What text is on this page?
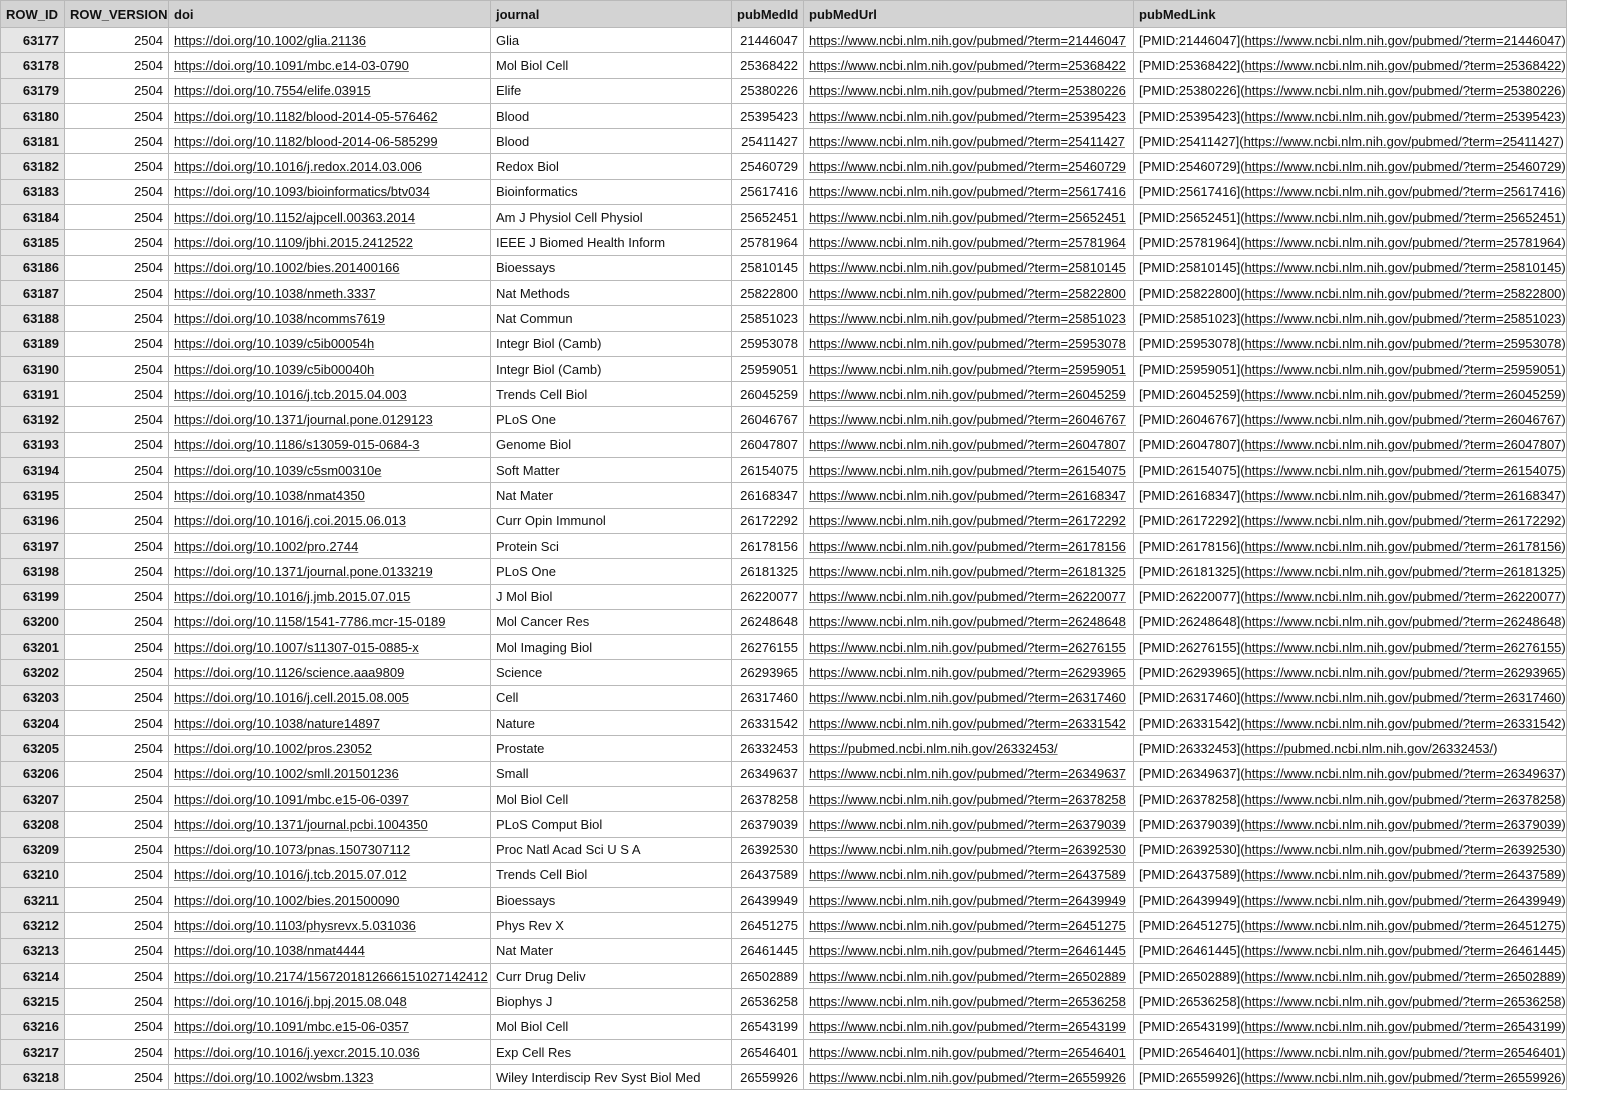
ROW_ID	ROW_VERSION	doi	journal	pubMedId	pubMedUrl	pubMedLink
63177	2504	https://doi.org/10.1002/glia.21136	Glia	21446047	https://www.ncbi.nlm.nih.gov/pubmed/?term=21446047	[PMID:21446047](https://www.ncbi.nlm.nih.gov/pubmed/?term=21446047)
63178	2504	https://doi.org/10.1091/mbc.e14-03-0790	Mol Biol Cell	25368422	https://www.ncbi.nlm.nih.gov/pubmed/?term=25368422	[PMID:25368422](https://www.ncbi.nlm.nih.gov/pubmed/?term=25368422)
63179	2504	https://doi.org/10.7554/elife.03915	Elife	25380226	https://www.ncbi.nlm.nih.gov/pubmed/?term=25380226	[PMID:25380226](https://www.ncbi.nlm.nih.gov/pubmed/?term=25380226)
63180	2504	https://doi.org/10.1182/blood-2014-05-576462	Blood	25395423	https://www.ncbi.nlm.nih.gov/pubmed/?term=25395423	[PMID:25395423](https://www.ncbi.nlm.nih.gov/pubmed/?term=25395423)
63181	2504	https://doi.org/10.1182/blood-2014-06-585299	Blood	25411427	https://www.ncbi.nlm.nih.gov/pubmed/?term=25411427	[PMID:25411427](https://www.ncbi.nlm.nih.gov/pubmed/?term=25411427)
63182	2504	https://doi.org/10.1016/j.redox.2014.03.006	Redox Biol	25460729	https://www.ncbi.nlm.nih.gov/pubmed/?term=25460729	[PMID:25460729](https://www.ncbi.nlm.nih.gov/pubmed/?term=25460729)
63183	2504	https://doi.org/10.1093/bioinformatics/btv034	Bioinformatics	25617416	https://www.ncbi.nlm.nih.gov/pubmed/?term=25617416	[PMID:25617416](https://www.ncbi.nlm.nih.gov/pubmed/?term=25617416)
63184	2504	https://doi.org/10.1152/ajpcell.00363.2014	Am J Physiol Cell Physiol	25652451	https://www.ncbi.nlm.nih.gov/pubmed/?term=25652451	[PMID:25652451](https://www.ncbi.nlm.nih.gov/pubmed/?term=25652451)
63185	2504	https://doi.org/10.1109/jbhi.2015.2412522	IEEE J Biomed Health Inform	25781964	https://www.ncbi.nlm.nih.gov/pubmed/?term=25781964	[PMID:25781964](https://www.ncbi.nlm.nih.gov/pubmed/?term=25781964)
63186	2504	https://doi.org/10.1002/bies.201400166	Bioessays	25810145	https://www.ncbi.nlm.nih.gov/pubmed/?term=25810145	[PMID:25810145](https://www.ncbi.nlm.nih.gov/pubmed/?term=25810145)
63187	2504	https://doi.org/10.1038/nmeth.3337	Nat Methods	25822800	https://www.ncbi.nlm.nih.gov/pubmed/?term=25822800	[PMID:25822800](https://www.ncbi.nlm.nih.gov/pubmed/?term=25822800)
63188	2504	https://doi.org/10.1038/ncomms7619	Nat Commun	25851023	https://www.ncbi.nlm.nih.gov/pubmed/?term=25851023	[PMID:25851023](https://www.ncbi.nlm.nih.gov/pubmed/?term=25851023)
63189	2504	https://doi.org/10.1039/c5ib00054h	Integr Biol (Camb)	25953078	https://www.ncbi.nlm.nih.gov/pubmed/?term=25953078	[PMID:25953078](https://www.ncbi.nlm.nih.gov/pubmed/?term=25953078)
63190	2504	https://doi.org/10.1039/c5ib00040h	Integr Biol (Camb)	25959051	https://www.ncbi.nlm.nih.gov/pubmed/?term=25959051	[PMID:25959051](https://www.ncbi.nlm.nih.gov/pubmed/?term=25959051)
63191	2504	https://doi.org/10.1016/j.tcb.2015.04.003	Trends Cell Biol	26045259	https://www.ncbi.nlm.nih.gov/pubmed/?term=26045259	[PMID:26045259](https://www.ncbi.nlm.nih.gov/pubmed/?term=26045259)
63192	2504	https://doi.org/10.1371/journal.pone.0129123	PLoS One	26046767	https://www.ncbi.nlm.nih.gov/pubmed/?term=26046767	[PMID:26046767](https://www.ncbi.nlm.nih.gov/pubmed/?term=26046767)
63193	2504	https://doi.org/10.1186/s13059-015-0684-3	Genome Biol	26047807	https://www.ncbi.nlm.nih.gov/pubmed/?term=26047807	[PMID:26047807](https://www.ncbi.nlm.nih.gov/pubmed/?term=26047807)
63194	2504	https://doi.org/10.1039/c5sm00310e	Soft Matter	26154075	https://www.ncbi.nlm.nih.gov/pubmed/?term=26154075	[PMID:26154075](https://www.ncbi.nlm.nih.gov/pubmed/?term=26154075)
63195	2504	https://doi.org/10.1038/nmat4350	Nat Mater	26168347	https://www.ncbi.nlm.nih.gov/pubmed/?term=26168347	[PMID:26168347](https://www.ncbi.nlm.nih.gov/pubmed/?term=26168347)
63196	2504	https://doi.org/10.1016/j.coi.2015.06.013	Curr Opin Immunol	26172292	https://www.ncbi.nlm.nih.gov/pubmed/?term=26172292	[PMID:26172292](https://www.ncbi.nlm.nih.gov/pubmed/?term=26172292)
63197	2504	https://doi.org/10.1002/pro.2744	Protein Sci	26178156	https://www.ncbi.nlm.nih.gov/pubmed/?term=26178156	[PMID:26178156](https://www.ncbi.nlm.nih.gov/pubmed/?term=26178156)
63198	2504	https://doi.org/10.1371/journal.pone.0133219	PLoS One	26181325	https://www.ncbi.nlm.nih.gov/pubmed/?term=26181325	[PMID:26181325](https://www.ncbi.nlm.nih.gov/pubmed/?term=26181325)
63199	2504	https://doi.org/10.1016/j.jmb.2015.07.015	J Mol Biol	26220077	https://www.ncbi.nlm.nih.gov/pubmed/?term=26220077	[PMID:26220077](https://www.ncbi.nlm.nih.gov/pubmed/?term=26220077)
63200	2504	https://doi.org/10.1158/1541-7786.mcr-15-0189	Mol Cancer Res	26248648	https://www.ncbi.nlm.nih.gov/pubmed/?term=26248648	[PMID:26248648](https://www.ncbi.nlm.nih.gov/pubmed/?term=26248648)
63201	2504	https://doi.org/10.1007/s11307-015-0885-x	Mol Imaging Biol	26276155	https://www.ncbi.nlm.nih.gov/pubmed/?term=26276155	[PMID:26276155](https://www.ncbi.nlm.nih.gov/pubmed/?term=26276155)
63202	2504	https://doi.org/10.1126/science.aaa9809	Science	26293965	https://www.ncbi.nlm.nih.gov/pubmed/?term=26293965	[PMID:26293965](https://www.ncbi.nlm.nih.gov/pubmed/?term=26293965)
63203	2504	https://doi.org/10.1016/j.cell.2015.08.005	Cell	26317460	https://www.ncbi.nlm.nih.gov/pubmed/?term=26317460	[PMID:26317460](https://www.ncbi.nlm.nih.gov/pubmed/?term=26317460)
63204	2504	https://doi.org/10.1038/nature14897	Nature	26331542	https://www.ncbi.nlm.nih.gov/pubmed/?term=26331542	[PMID:26331542](https://www.ncbi.nlm.nih.gov/pubmed/?term=26331542)
63205	2504	https://doi.org/10.1002/pros.23052	Prostate	26332453	https://pubmed.ncbi.nlm.nih.gov/26332453/	[PMID:26332453](https://pubmed.ncbi.nlm.nih.gov/26332453/)
63206	2504	https://doi.org/10.1002/smll.201501236	Small	26349637	https://www.ncbi.nlm.nih.gov/pubmed/?term=26349637	[PMID:26349637](https://www.ncbi.nlm.nih.gov/pubmed/?term=26349637)
63207	2504	https://doi.org/10.1091/mbc.e15-06-0397	Mol Biol Cell	26378258	https://www.ncbi.nlm.nih.gov/pubmed/?term=26378258	[PMID:26378258](https://www.ncbi.nlm.nih.gov/pubmed/?term=26378258)
63208	2504	https://doi.org/10.1371/journal.pcbi.1004350	PLoS Comput Biol	26379039	https://www.ncbi.nlm.nih.gov/pubmed/?term=26379039	[PMID:26379039](https://www.ncbi.nlm.nih.gov/pubmed/?term=26379039)
63209	2504	https://doi.org/10.1073/pnas.1507307112	Proc Natl Acad Sci U S A	26392530	https://www.ncbi.nlm.nih.gov/pubmed/?term=26392530	[PMID:26392530](https://www.ncbi.nlm.nih.gov/pubmed/?term=26392530)
63210	2504	https://doi.org/10.1016/j.tcb.2015.07.012	Trends Cell Biol	26437589	https://www.ncbi.nlm.nih.gov/pubmed/?term=26437589	[PMID:26437589](https://www.ncbi.nlm.nih.gov/pubmed/?term=26437589)
63211	2504	https://doi.org/10.1002/bies.201500090	Bioessays	26439949	https://www.ncbi.nlm.nih.gov/pubmed/?term=26439949	[PMID:26439949](https://www.ncbi.nlm.nih.gov/pubmed/?term=26439949)
63212	2504	https://doi.org/10.1103/physrevx.5.031036	Phys Rev X	26451275	https://www.ncbi.nlm.nih.gov/pubmed/?term=26451275	[PMID:26451275](https://www.ncbi.nlm.nih.gov/pubmed/?term=26451275)
63213	2504	https://doi.org/10.1038/nmat4444	Nat Mater	26461445	https://www.ncbi.nlm.nih.gov/pubmed/?term=26461445	[PMID:26461445](https://www.ncbi.nlm.nih.gov/pubmed/?term=26461445)
63214	2504	https://doi.org/10.2174/1567201812666151027142412	Curr Drug Deliv	26502889	https://www.ncbi.nlm.nih.gov/pubmed/?term=26502889	[PMID:26502889](https://www.ncbi.nlm.nih.gov/pubmed/?term=26502889)
63215	2504	https://doi.org/10.1016/j.bpj.2015.08.048	Biophys J	26536258	https://www.ncbi.nlm.nih.gov/pubmed/?term=26536258	[PMID:26536258](https://www.ncbi.nlm.nih.gov/pubmed/?term=26536258)
63216	2504	https://doi.org/10.1091/mbc.e15-06-0357	Mol Biol Cell	26543199	https://www.ncbi.nlm.nih.gov/pubmed/?term=26543199	[PMID:26543199](https://www.ncbi.nlm.nih.gov/pubmed/?term=26543199)
63217	2504	https://doi.org/10.1016/j.yexcr.2015.10.036	Exp Cell Res	26546401	https://www.ncbi.nlm.nih.gov/pubmed/?term=26546401	[PMID:26546401](https://www.ncbi.nlm.nih.gov/pubmed/?term=26546401)
63218	2504	https://doi.org/10.1002/wsbm.1323	Wiley Interdiscip Rev Syst Biol Med	26559926	https://www.ncbi.nlm.nih.gov/pubmed/?term=26559926	[PMID:26559926](https://www.ncbi.nlm.nih.gov/pubmed/?term=26559926)
